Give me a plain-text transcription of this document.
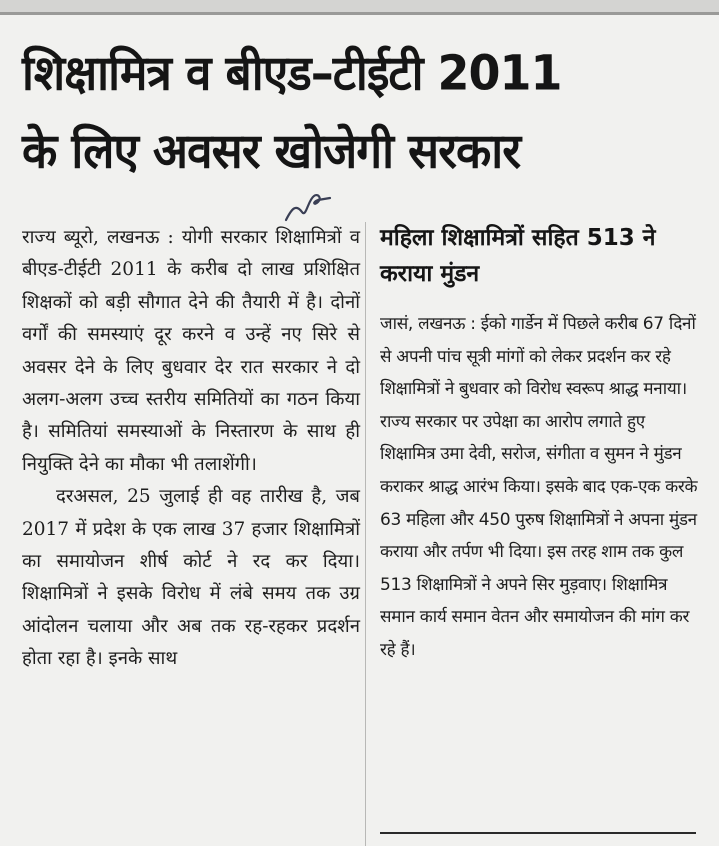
शिक्षामित्र व बीएड–टीईटी 2011
के लिए अवसर खोजेगी सरकार

राज्य ब्यूरो, लखनऊ : योगी सरकार शिक्षामित्रों व बीएड-टीईटी 2011 के करीब दो लाख प्रशिक्षित शिक्षकों को बड़ी सौगात देने की तैयारी में है। दोनों वर्गों की समस्याएं दूर करने व उन्हें नए सिरे से अवसर देने के लिए बुधवार देर रात सरकार ने दो अलग-अलग उच्च स्तरीय समितियों का गठन किया है। समितियां समस्याओं के निस्तारण के साथ ही नियुक्ति देने का मौका भी तलाशेंगी।

दरअसल, 25 जुलाई ही वह तारीख है, जब 2017 में प्रदेश के एक लाख 37 हजार शिक्षामित्रों का समायोजन शीर्ष कोर्ट ने रद कर दिया। शिक्षामित्रों ने इसके विरोध में लंबे समय तक उग्र आंदोलन चलाया और अब तक रह-रहकर प्रदर्शन होता रहा है। इनके साथ

महिला शिक्षामित्रों सहित 513 ने कराया मुंडन

जासं, लखनऊ : ईको गार्डेन में पिछले करीब 67 दिनों से अपनी पांच सूत्री मांगों को लेकर प्रदर्शन कर रहे शिक्षामित्रों ने बुधवार को विरोध स्वरूप श्राद्ध मनाया। राज्य सरकार पर उपेक्षा का आरोप लगाते हुए शिक्षामित्र उमा देवी, सरोज, संगीता व सुमन ने मुंडन कराकर श्राद्ध आरंभ किया। इसके बाद एक-एक करके 63 महिला और 450 पुरुष शिक्षामित्रों ने अपना मुंडन कराया और तर्पण भी दिया। इस तरह शाम तक कुल 513 शिक्षामित्रों ने अपने सिर मुड़वाए। शिक्षामित्र समान कार्य समान वेतन और समायोजन की मांग कर रहे हैं।
